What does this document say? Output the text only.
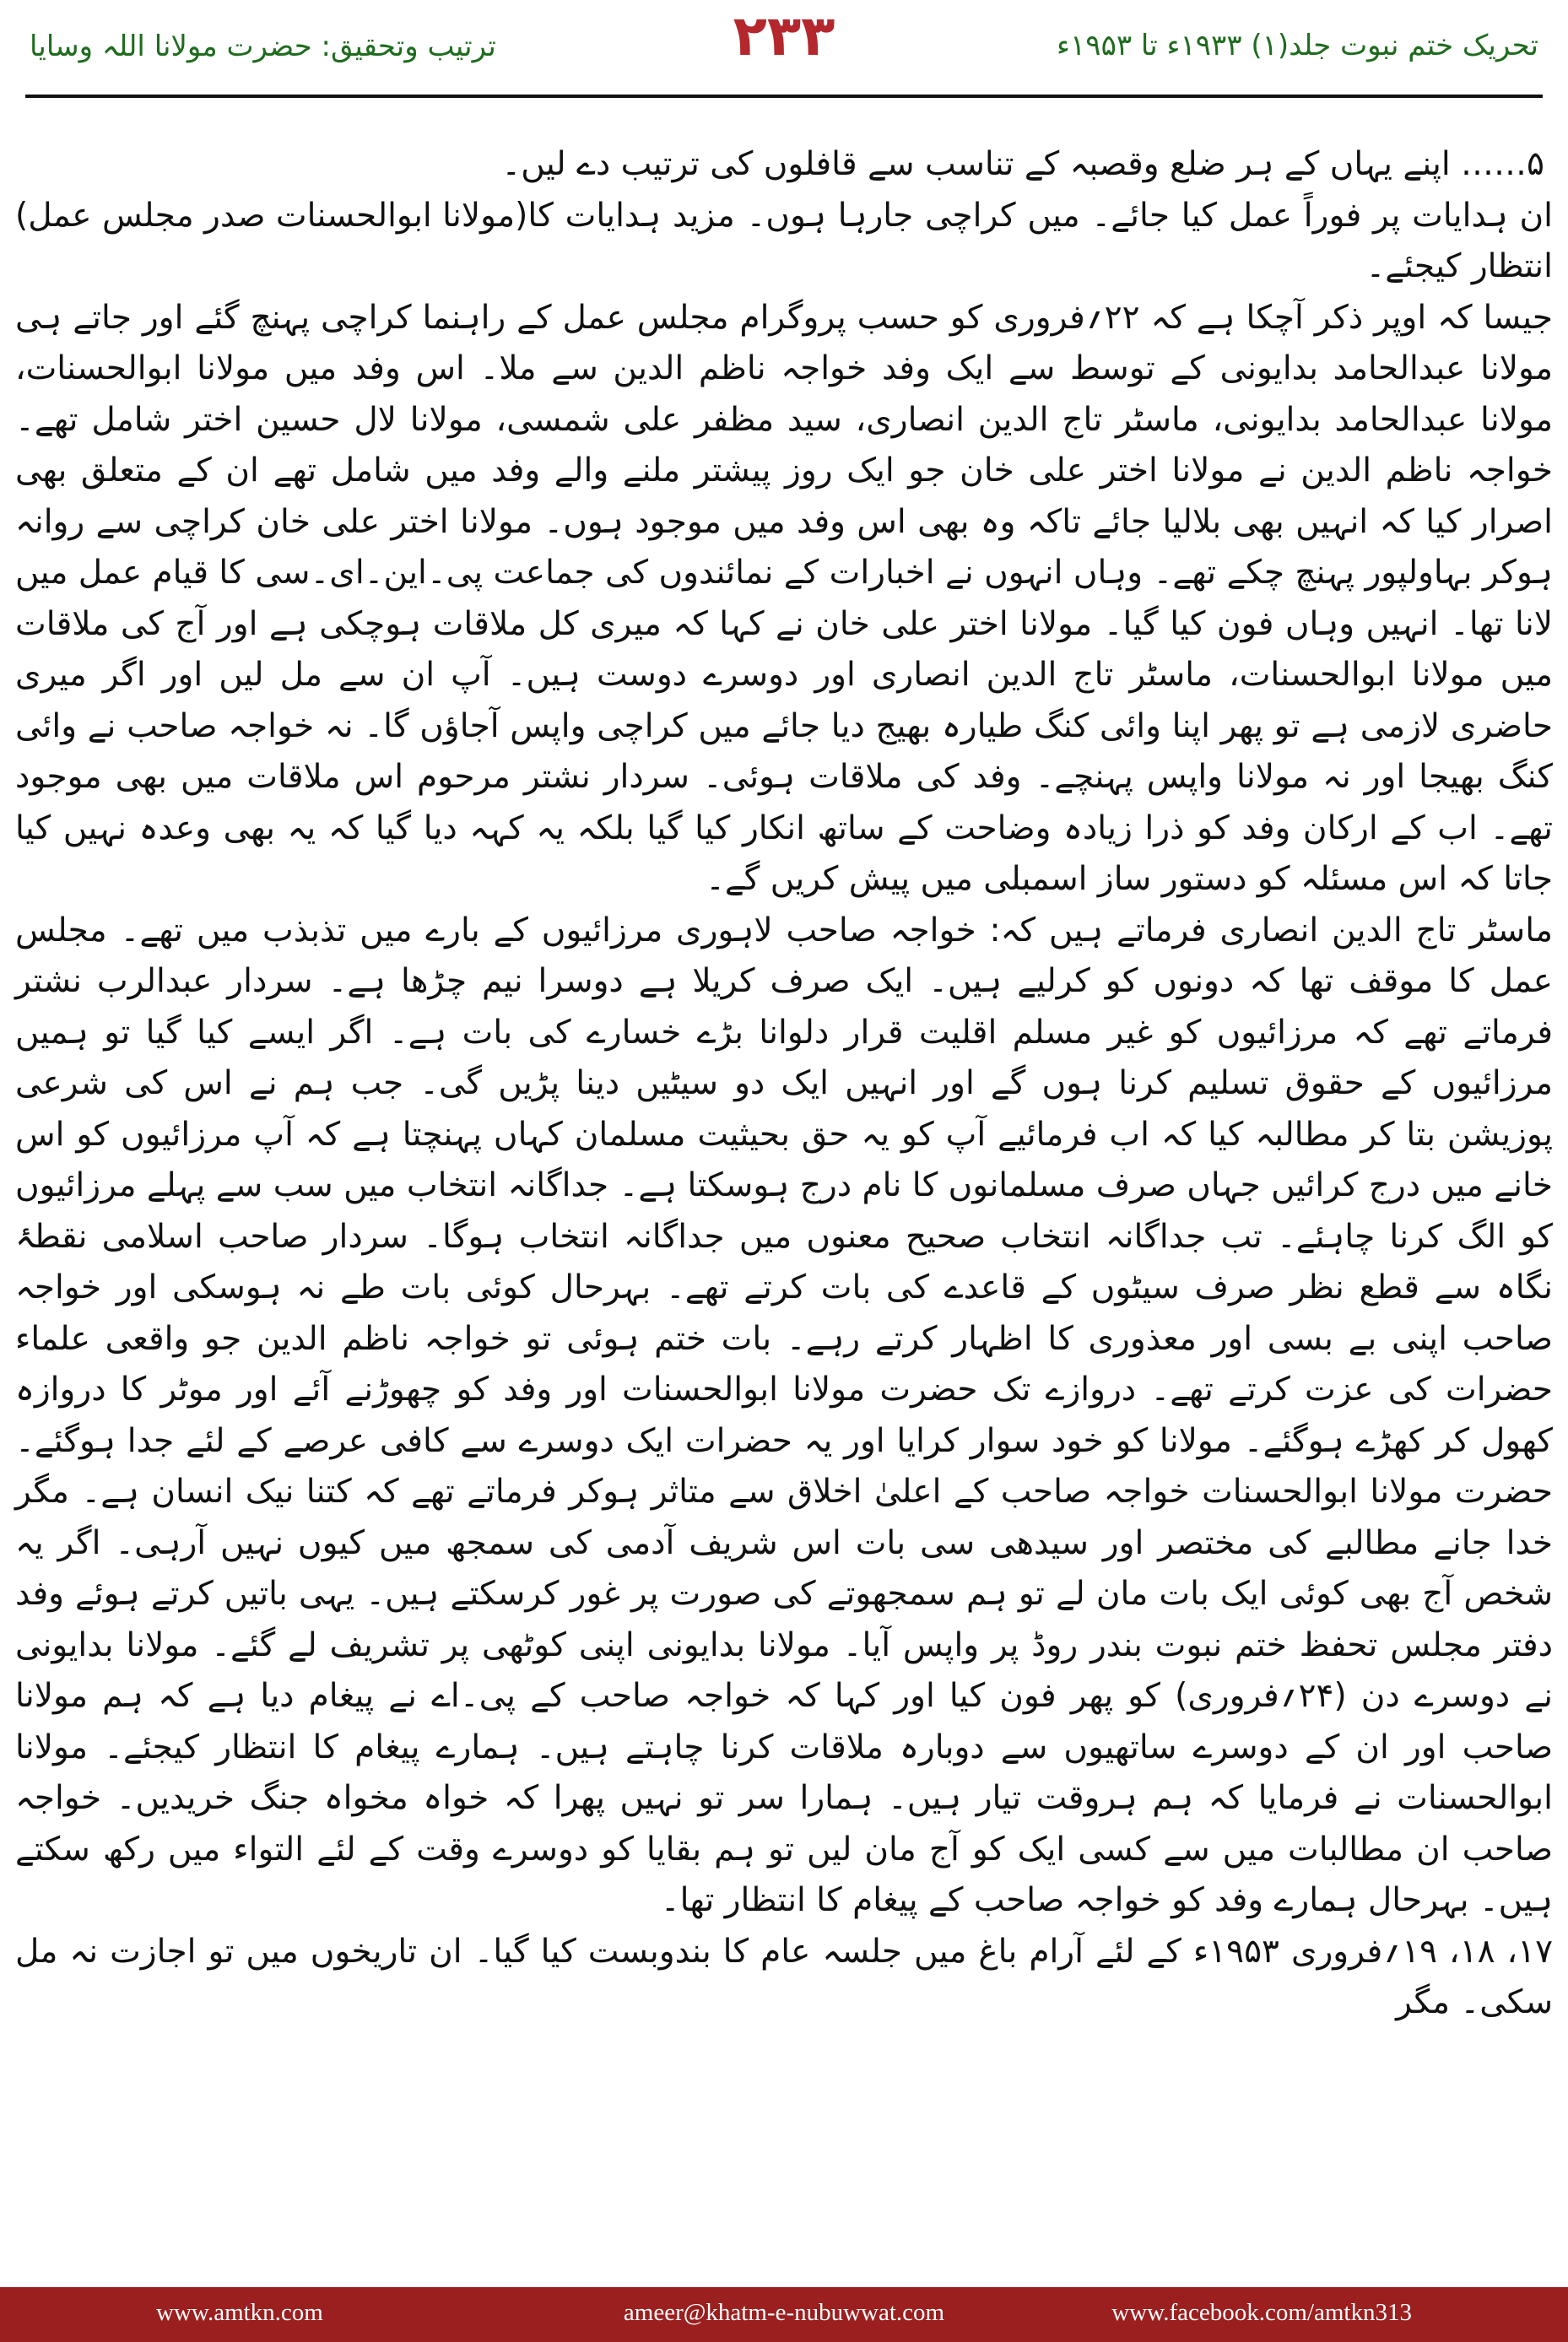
تحریک ختم نبوت جلد(۱) ۱۹۳۳ء تا ۱۹۵۳ء
۲۳۳
ترتیب وتحقیق: حضرت مولانا اللہ وسایا

۵…… اپنے یہاں کے ہر ضلع وقصبہ کے تناسب سے قافلوں کی ترتیب دے لیں۔

ان ہدایات پر فوراً عمل کیا جائے۔ میں کراچی جارہا ہوں۔ مزید ہدایات کا انتظار کیجئے۔
(مولانا ابوالحسنات صدر مجلس عمل)

جیسا کہ اوپر ذکر آچکا ہے کہ ۲۲؍فروری کو حسب پروگرام مجلس عمل کے راہنما کراچی پہنچ گئے اور جاتے ہی مولانا عبدالحامد بدایونی کے توسط سے ایک وفد خواجہ ناظم الدین سے ملا۔ اس وفد میں مولانا ابوالحسنات، مولانا عبدالحامد بدایونی، ماسٹر تاج الدین انصاری، سید مظفر علی شمسی، مولانا لال حسین اختر شامل تھے۔ خواجہ ناظم الدین نے مولانا اختر علی خان جو ایک روز پیشتر ملنے والے وفد میں شامل تھے ان کے متعلق بھی اصرار کیا کہ انہیں بھی بلالیا جائے تاکہ وہ بھی اس وفد میں موجود ہوں۔ مولانا اختر علی خان کراچی سے روانہ ہوکر بہاولپور پہنچ چکے تھے۔ وہاں انہوں نے اخبارات کے نمائندوں کی جماعت پی۔این۔ای۔سی کا قیام عمل میں لانا تھا۔ انہیں وہاں فون کیا گیا۔ مولانا اختر علی خان نے کہا کہ میری کل ملاقات ہوچکی ہے اور آج کی ملاقات میں مولانا ابوالحسنات، ماسٹر تاج الدین انصاری اور دوسرے دوست ہیں۔ آپ ان سے مل لیں اور اگر میری حاضری لازمی ہے تو پھر اپنا وائی کنگ طیارہ بھیج دیا جائے میں کراچی واپس آجاؤں گا۔ نہ خواجہ صاحب نے وائی کنگ بھیجا اور نہ مولانا واپس پہنچے۔ وفد کی ملاقات ہوئی۔ سردار نشتر مرحوم اس ملاقات میں بھی موجود تھے۔ اب کے ارکان وفد کو ذرا زیادہ وضاحت کے ساتھ انکار کیا گیا بلکہ یہ کہہ دیا گیا کہ یہ بھی وعدہ نہیں کیا جاتا کہ اس مسئلہ کو دستور ساز اسمبلی میں پیش کریں گے۔

ماسٹر تاج الدین انصاری فرماتے ہیں کہ: خواجہ صاحب لاہوری مرزائیوں کے بارے میں تذبذب میں تھے۔ مجلس عمل کا موقف تھا کہ دونوں کو کرلیے ہیں۔ ایک صرف کریلا ہے دوسرا نیم چڑھا ہے۔ سردار عبدالرب نشتر فرماتے تھے کہ مرزائیوں کو غیر مسلم اقلیت قرار دلوانا بڑے خسارے کی بات ہے۔ اگر ایسے کیا گیا تو ہمیں مرزائیوں کے حقوق تسلیم کرنا ہوں گے اور انہیں ایک دو سیٹیں دینا پڑیں گی۔ جب ہم نے اس کی شرعی پوزیشن بتا کر مطالبہ کیا کہ اب فرمائیے آپ کو یہ حق بحیثیت مسلمان کہاں پہنچتا ہے کہ آپ مرزائیوں کو اس خانے میں درج کرائیں جہاں صرف مسلمانوں کا نام درج ہوسکتا ہے۔ جداگانہ انتخاب میں سب سے پہلے مرزائیوں کو الگ کرنا چاہئے۔ تب جداگانہ انتخاب صحیح معنوں میں جداگانہ انتخاب ہوگا۔ سردار صاحب اسلامی نقطۂ نگاہ سے قطع نظر صرف سیٹوں کے قاعدے کی بات کرتے تھے۔ بہرحال کوئی بات طے نہ ہوسکی اور خواجہ صاحب اپنی بے بسی اور معذوری کا اظہار کرتے رہے۔ بات ختم ہوئی تو خواجہ ناظم الدین جو واقعی علماء حضرات کی عزت کرتے تھے۔ دروازے تک حضرت مولانا ابوالحسنات اور وفد کو چھوڑنے آئے اور موٹر کا دروازہ کھول کر کھڑے ہوگئے۔ مولانا کو خود سوار کرایا اور یہ حضرات ایک دوسرے سے کافی عرصے کے لئے جدا ہوگئے۔ حضرت مولانا ابوالحسنات خواجہ صاحب کے اعلیٰ اخلاق سے متاثر ہوکر فرماتے تھے کہ کتنا نیک انسان ہے۔ مگر خدا جانے مطالبے کی مختصر اور سیدھی سی بات اس شریف آدمی کی سمجھ میں کیوں نہیں آرہی۔ اگر یہ شخص آج بھی کوئی ایک بات مان لے تو ہم سمجھوتے کی صورت پر غور کرسکتے ہیں۔ یہی باتیں کرتے ہوئے وفد دفتر مجلس تحفظ ختم نبوت بندر روڈ پر واپس آیا۔ مولانا بدایونی اپنی کوٹھی پر تشریف لے گئے۔ مولانا بدایونی نے دوسرے دن (۲۴؍فروری) کو پھر فون کیا اور کہا کہ خواجہ صاحب کے پی۔اے نے پیغام دیا ہے کہ ہم مولانا صاحب اور ان کے دوسرے ساتھیوں سے دوبارہ ملاقات کرنا چاہتے ہیں۔ ہمارے پیغام کا انتظار کیجئے۔ مولانا ابوالحسنات نے فرمایا کہ ہم ہروقت تیار ہیں۔ ہمارا سر تو نہیں پھرا کہ خواہ مخواہ جنگ خریدیں۔ خواجہ صاحب ان مطالبات میں سے کسی ایک کو آج مان لیں تو ہم بقایا کو دوسرے وقت کے لئے التواء میں رکھ سکتے ہیں۔ بہرحال ہمارے وفد کو خواجہ صاحب کے پیغام کا انتظار تھا۔

۱۷، ۱۸، ۱۹؍فروری ۱۹۵۳ء کے لئے آرام باغ میں جلسہ عام کا بندوبست کیا گیا۔ ان تاریخوں میں تو اجازت نہ مل سکی۔ مگر

www.amtkn.com	ameer@khatm-e-nubuwwat.com	www.facebook.com/amtkn313
